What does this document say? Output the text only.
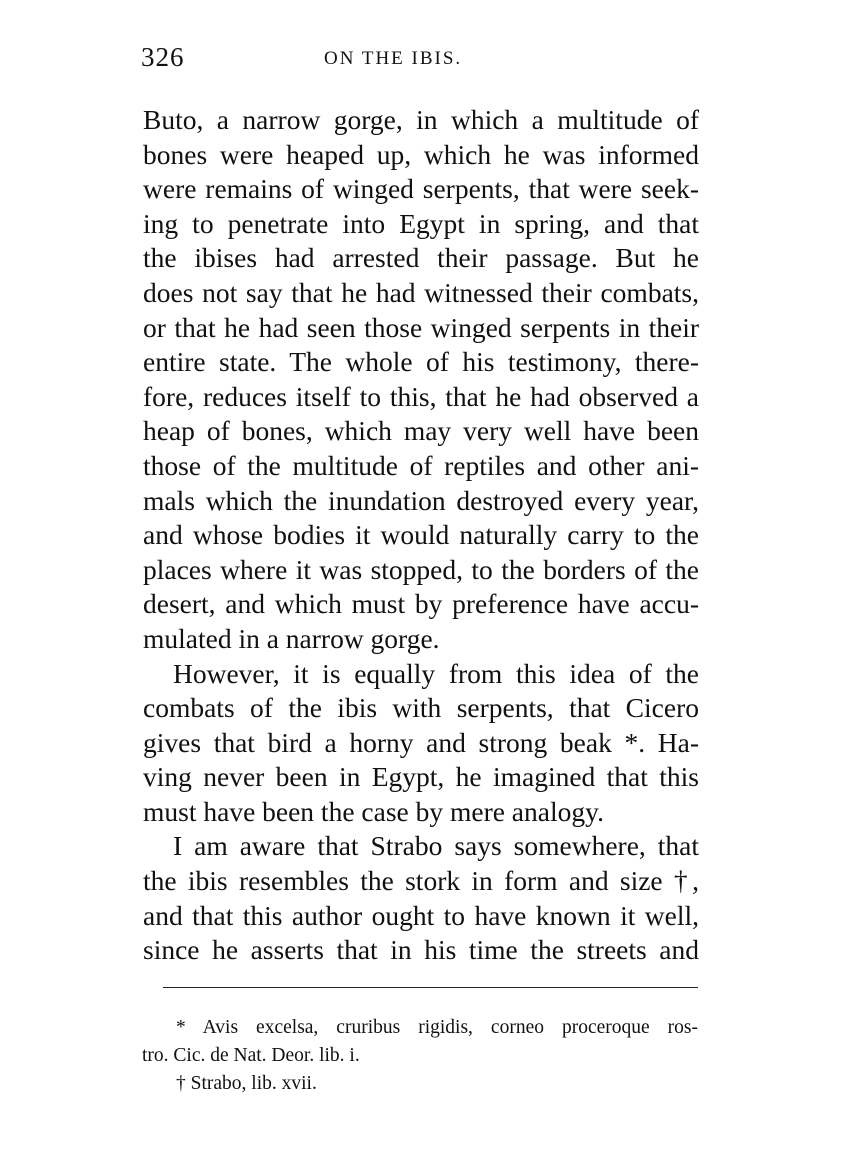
326	ON THE IBIS.
Buto, a narrow gorge, in which a multitude of
bones were heaped up, which he was informed
were remains of winged serpents, that were seek-
ing to penetrate into Egypt in spring, and that
the ibises had arrested their passage. But he
does not say that he had witnessed their combats,
or that he had seen those winged serpents in their
entire state. The whole of his testimony, there-
fore, reduces itself to this, that he had observed a
heap of bones, which may very well have been
those of the multitude of reptiles and other ani-
mals which the inundation destroyed every year,
and whose bodies it would naturally carry to the
places where it was stopped, to the borders of the
desert, and which must by preference have accu-
mulated in a narrow gorge.
However, it is equally from this idea of the
combats of the ibis with serpents, that Cicero
gives that bird a horny and strong beak *. Ha-
ving never been in Egypt, he imagined that this
must have been the case by mere analogy.
I am aware that Strabo says somewhere, that
the ibis resembles the stork in form and size †,
and that this author ought to have known it well,
since he asserts that in his time the streets and
* Avis excelsa, cruribus rigidis, corneo proceroque ros-
tro. Cic. de Nat. Deor. lib. i.
† Strabo, lib. xvii.
